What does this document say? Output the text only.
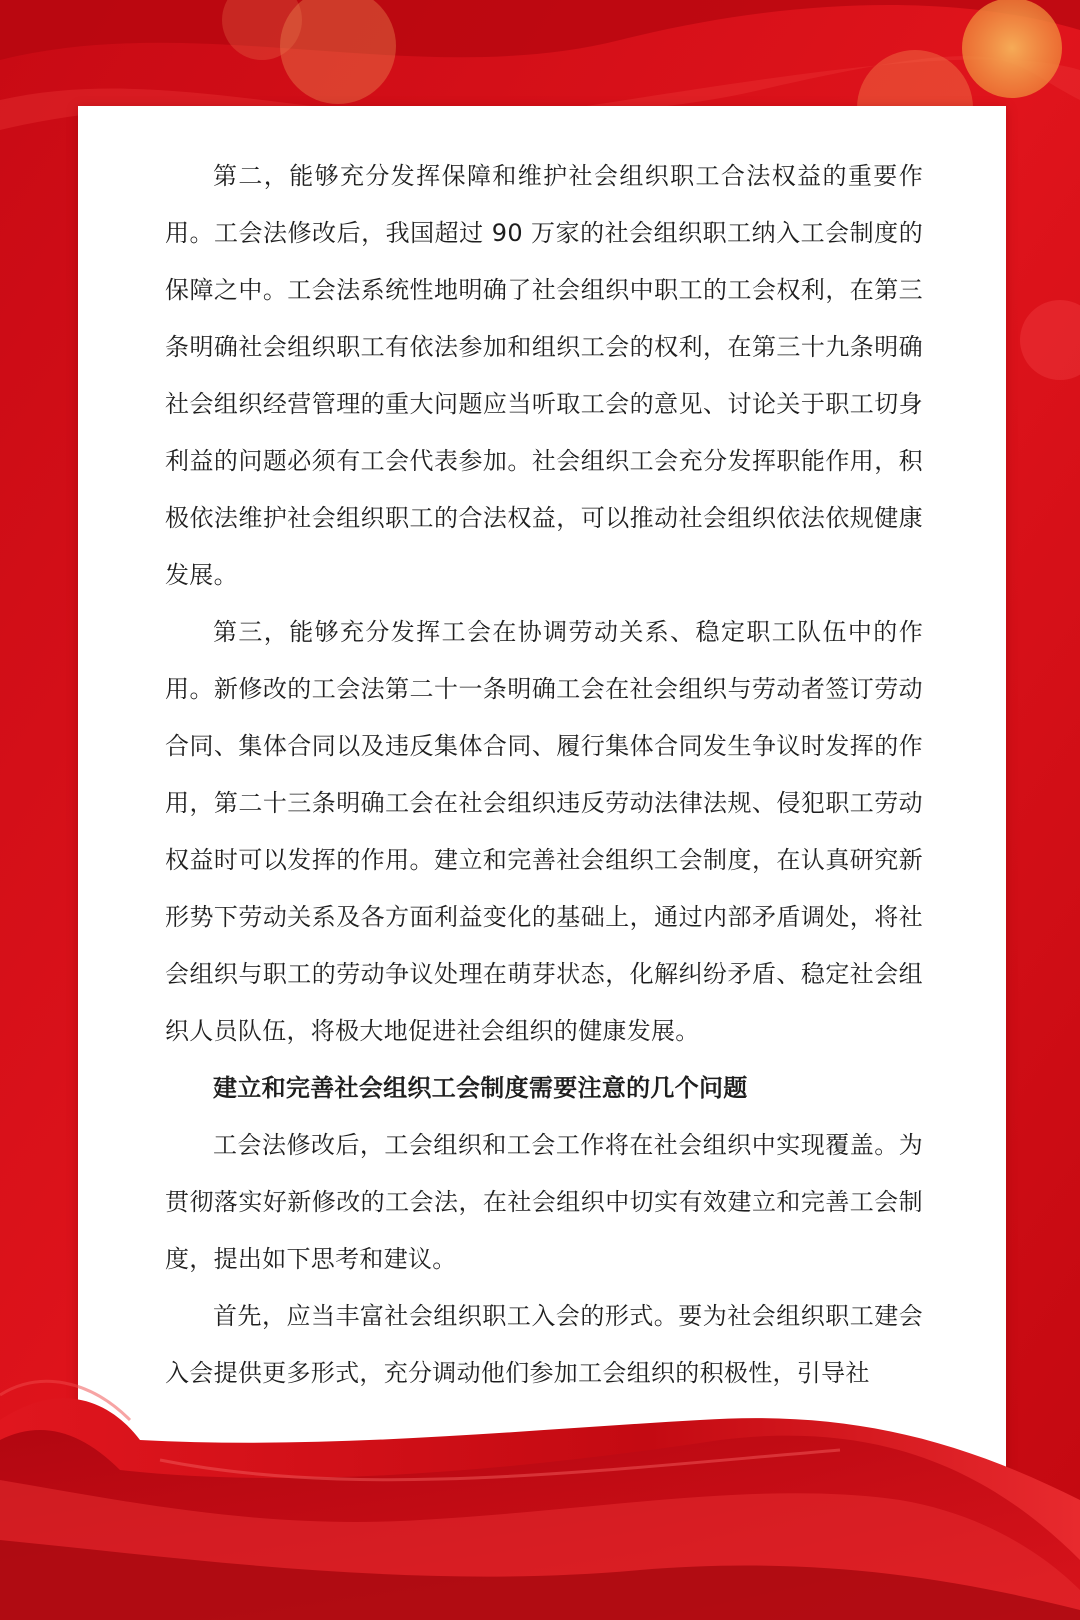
第二，能够充分发挥保障和维护社会组织职工合法权益的重要作用。工会法修改后，我国超过 90 万家的社会组织职工纳入工会制度的保障之中。工会法系统性地明确了社会组织中职工的工会权利，在第三条明确社会组织职工有依法参加和组织工会的权利，在第三十九条明确社会组织经营管理的重大问题应当听取工会的意见、讨论关于职工切身利益的问题必须有工会代表参加。社会组织工会充分发挥职能作用，积极依法维护社会组织职工的合法权益，可以推动社会组织依法依规健康发展。

第三，能够充分发挥工会在协调劳动关系、稳定职工队伍中的作用。新修改的工会法第二十一条明确工会在社会组织与劳动者签订劳动合同、集体合同以及违反集体合同、履行集体合同发生争议时发挥的作用，第二十三条明确工会在社会组织违反劳动法律法规、侵犯职工劳动权益时可以发挥的作用。建立和完善社会组织工会制度，在认真研究新形势下劳动关系及各方面利益变化的基础上，通过内部矛盾调处，将社会组织与职工的劳动争议处理在萌芽状态，化解纠纷矛盾、稳定社会组织人员队伍，将极大地促进社会组织的健康发展。

建立和完善社会组织工会制度需要注意的几个问题

工会法修改后，工会组织和工会工作将在社会组织中实现覆盖。为贯彻落实好新修改的工会法，在社会组织中切实有效建立和完善工会制度，提出如下思考和建议。

首先，应当丰富社会组织职工入会的形式。要为社会组织职工建会入会提供更多形式，充分调动他们参加工会组织的积极性，引导社
